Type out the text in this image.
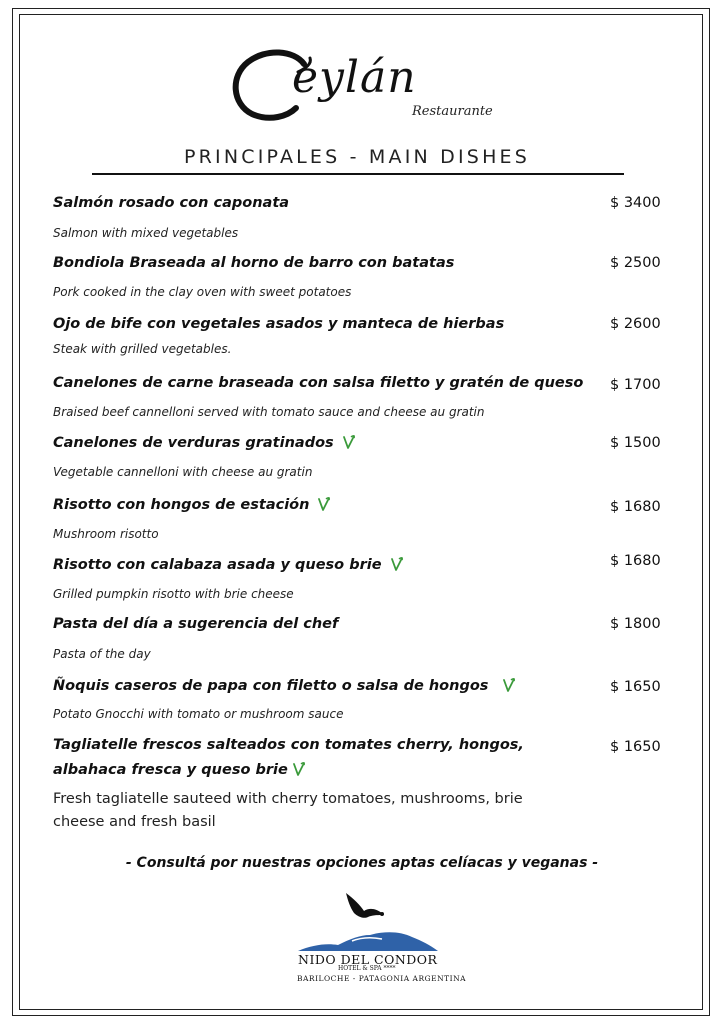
eylán
Restaurante
PRINCIPALES - MAIN DISHES
Salmón rosado con caponata	$ 3400
Salmon with mixed vegetables
Bondiola Braseada al horno de barro con batatas	$ 2500
Pork cooked in the clay oven with sweet potatoes
Ojo de bife con vegetales asados y manteca de hierbas	$ 2600
Steak with grilled vegetables.
Canelones de carne braseada con salsa filetto y gratén de queso $ 1700
Braised beef cannelloni served with tomato sauce and cheese au gratin
Canelones de verduras gratinados	$ 1500
Vegetable cannelloni with cheese au gratin
Risotto con hongos de estación	$ 1680
Mushroom risotto
Risotto con calabaza asada y queso brie	$ 1680
Grilled pumpkin risotto with brie cheese
Pasta del día a sugerencia del chef	$ 1800
Pasta of the day
Ñoquis caseros de papa con filetto o salsa de hongos	$ 1650
Potato Gnocchi with tomato or mushroom sauce
Tagliatelle frescos salteados con tomates cherry, hongos,
albahaca fresca y queso brie
$ 1650
Fresh tagliatelle sauteed with cherry tomatoes, mushrooms, brie cheese and fresh basil
- Consultá por nuestras opciones aptas celíacas y veganas -
NIDO DEL CONDOR
HOTEL & SPA ****
BARILOCHE - PATAGONIA ARGENTINA
